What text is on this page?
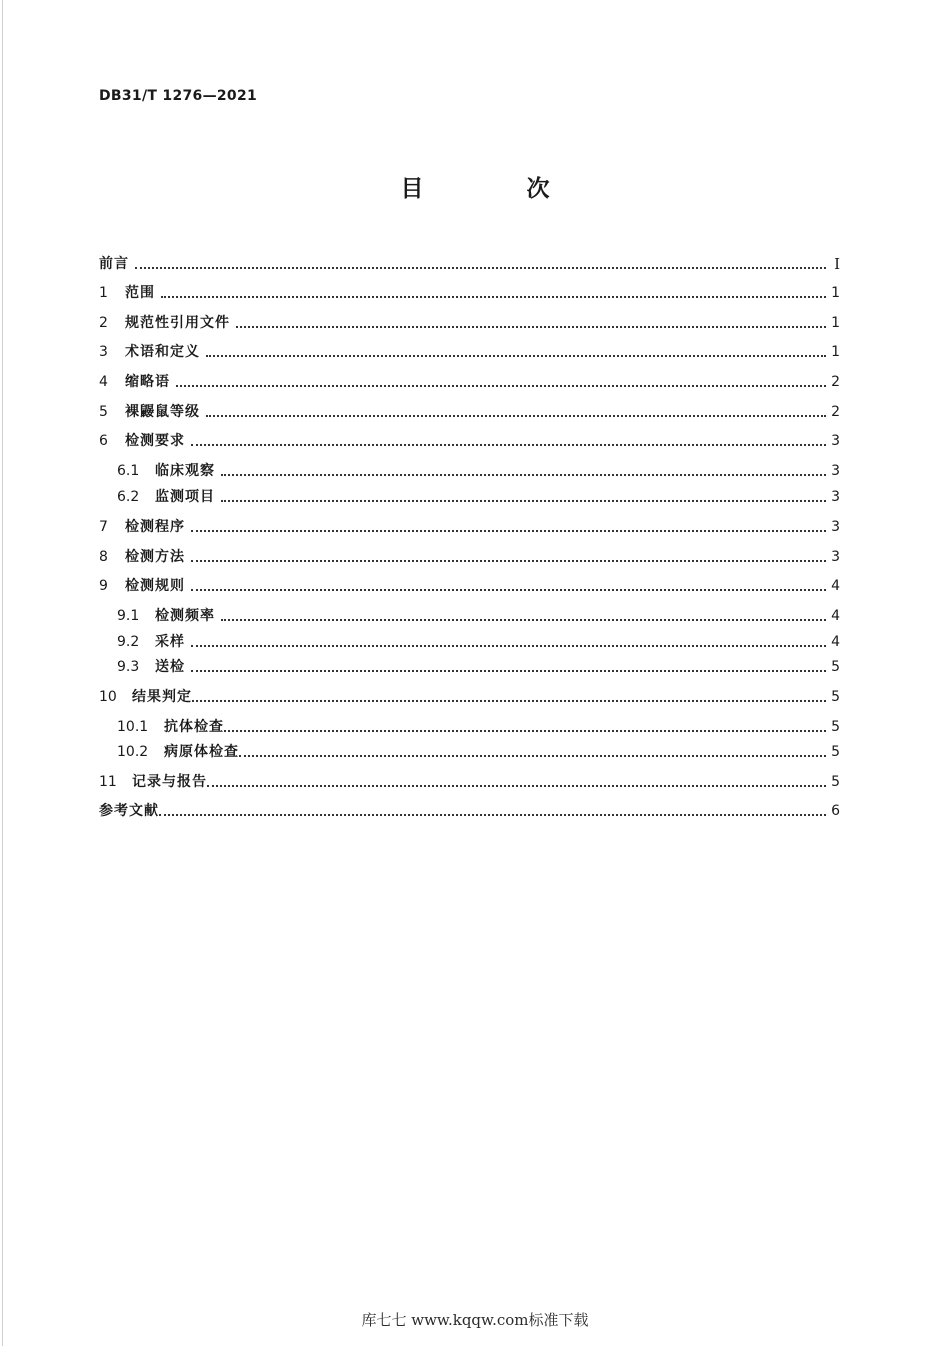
DB31/T 1276—2021
目　次
前言	I
1	范围	1
2	规范性引用文件	1
3	术语和定义	1
4	缩略语	2
5	裸鼹鼠等级	2
6	检测要求	3
6.1	临床观察	3
6.2	监测项目	3
7	检测程序	3
8	检测方法	3
9	检测规则	4
9.1	检测频率	4
9.2	采样	4
9.3	送检	5
10	结果判定	5
10.1	抗体检查	5
10.2	病原体检查	5
11	记录与报告	5
参考文献	6
库七七 www.kqqw.com标准下载
